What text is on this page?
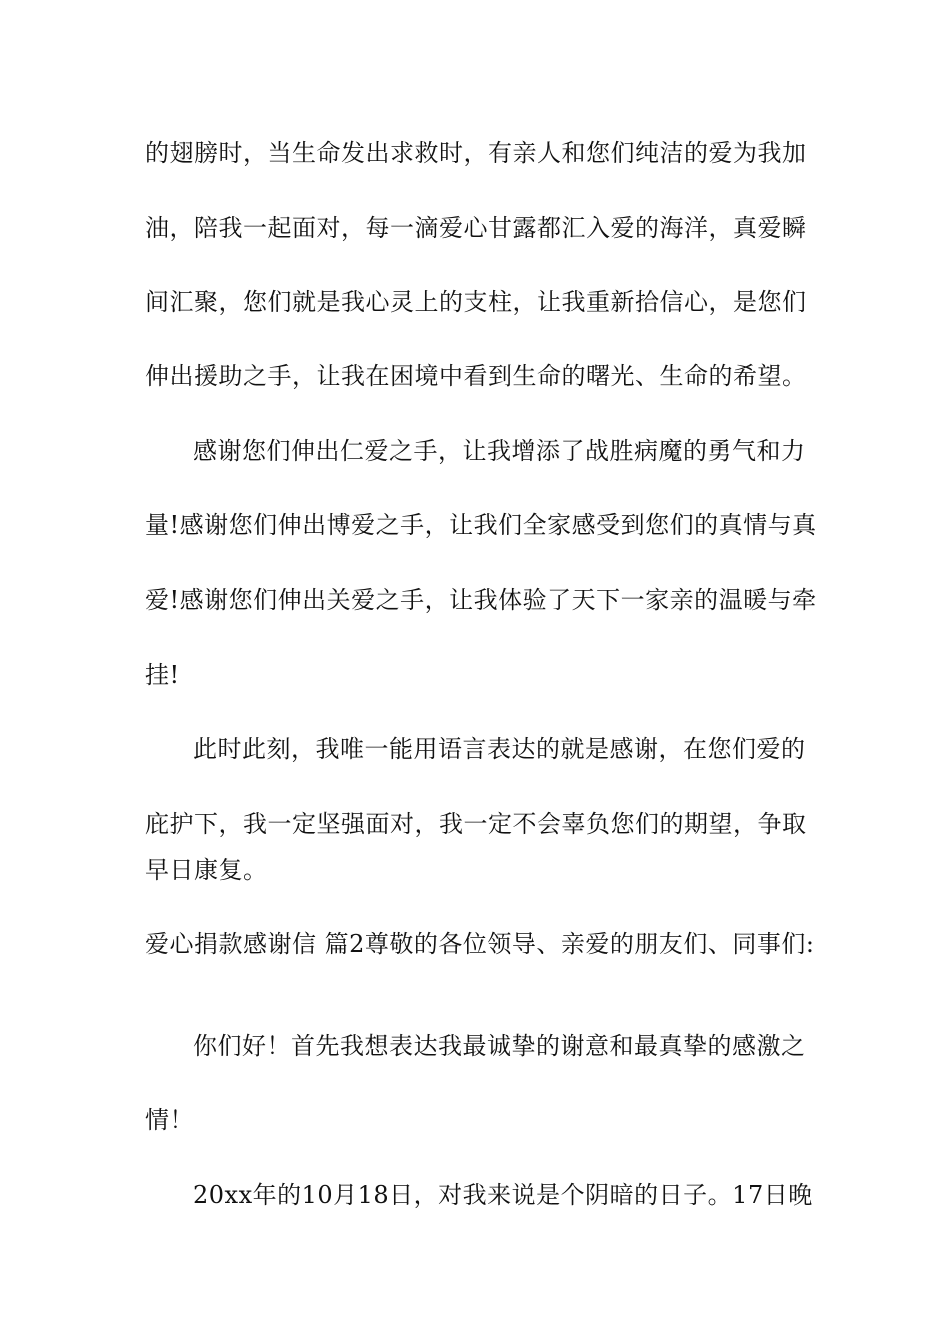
的翅膀时，当生命发出求救时，有亲人和您们纯洁的爱为我加
油，陪我一起面对，每一滴爱心甘露都汇入爱的海洋，真爱瞬
间汇聚，您们就是我心灵上的支柱，让我重新拾信心，是您们
伸出援助之手，让我在困境中看到生命的曙光、生命的希望。
感谢您们伸出仁爱之手，让我增添了战胜病魔的勇气和力
量!感谢您们伸出博爱之手，让我们全家感受到您们的真情与真
爱!感谢您们伸出关爱之手，让我体验了天下一家亲的温暖与牵
挂!
此时此刻，我唯一能用语言表达的就是感谢，在您们爱的
庇护下，我一定坚强面对，我一定不会辜负您们的期望，争取
早日康复。
爱心捐款感谢信 篇2尊敬的各位领导、亲爱的朋友们、同事们:
你们好！首先我想表达我最诚挚的谢意和最真挚的感激之
情！
20xx年的10月18日，对我来说是个阴暗的日子。17日晚
